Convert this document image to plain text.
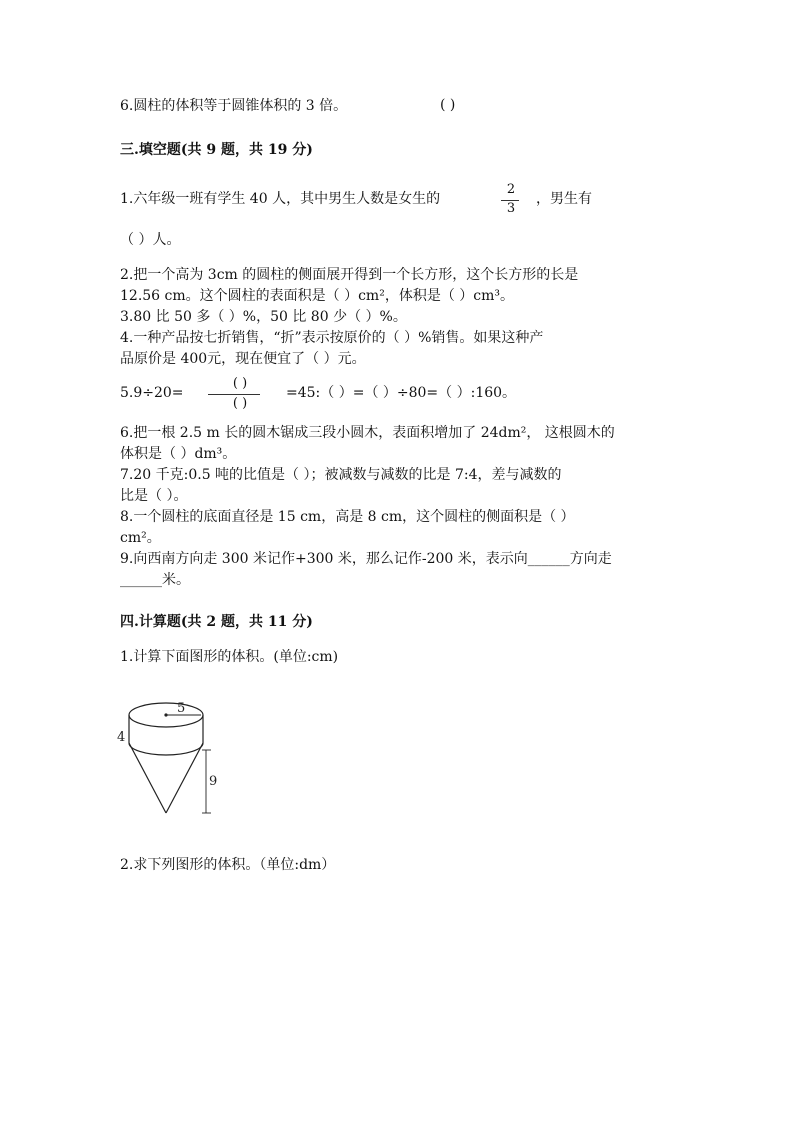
6.圆柱的体积等于圆锥体积的 3 倍。	( )
三.填空题(共 9 题，共 19 分)
1.六年级一班有学生 40 人，其中男生人数是女生的
2
3
，男生有
（ ）人。
2.把一个高为 3cm 的圆柱的侧面展开得到一个长方形，这个长方形的长是
12.56 cm。这个圆柱的表面积是（ ）cm²，体积是（ ）cm³。
3.80 比 50 多（ ）%，50 比 80 少（ ）%。
4.一种产品按七折销售，“折”表示按原价的（ ）%销售。如果这种产
品原价是 400元，现在便宜了（ ）元。
5.9÷20=
( )
( )
=45:（ ）=（ ）÷80=（ ）:160。
6.把一根 2.5 m 长的圆木锯成三段小圆木，表面积增加了 24dm²， 这根圆木的
体积是（ ）dm³。
7.20 千克:0.5 吨的比值是（ ）；被减数与减数的比是 7:4，差与减数的
比是（ ）。
8.一个圆柱的底面直径是 15 cm，高是 8 cm，这个圆柱的侧面积是（ ）
cm²。
9.向西南方向走 300 米记作+300 米，那么记作-200 米，表示向______方向走
______米。
四.计算题(共 2 题，共 11 分)
1.计算下面图形的体积。(单位:cm)
5
4
9
2.求下列图形的体积。（单位:dm）
